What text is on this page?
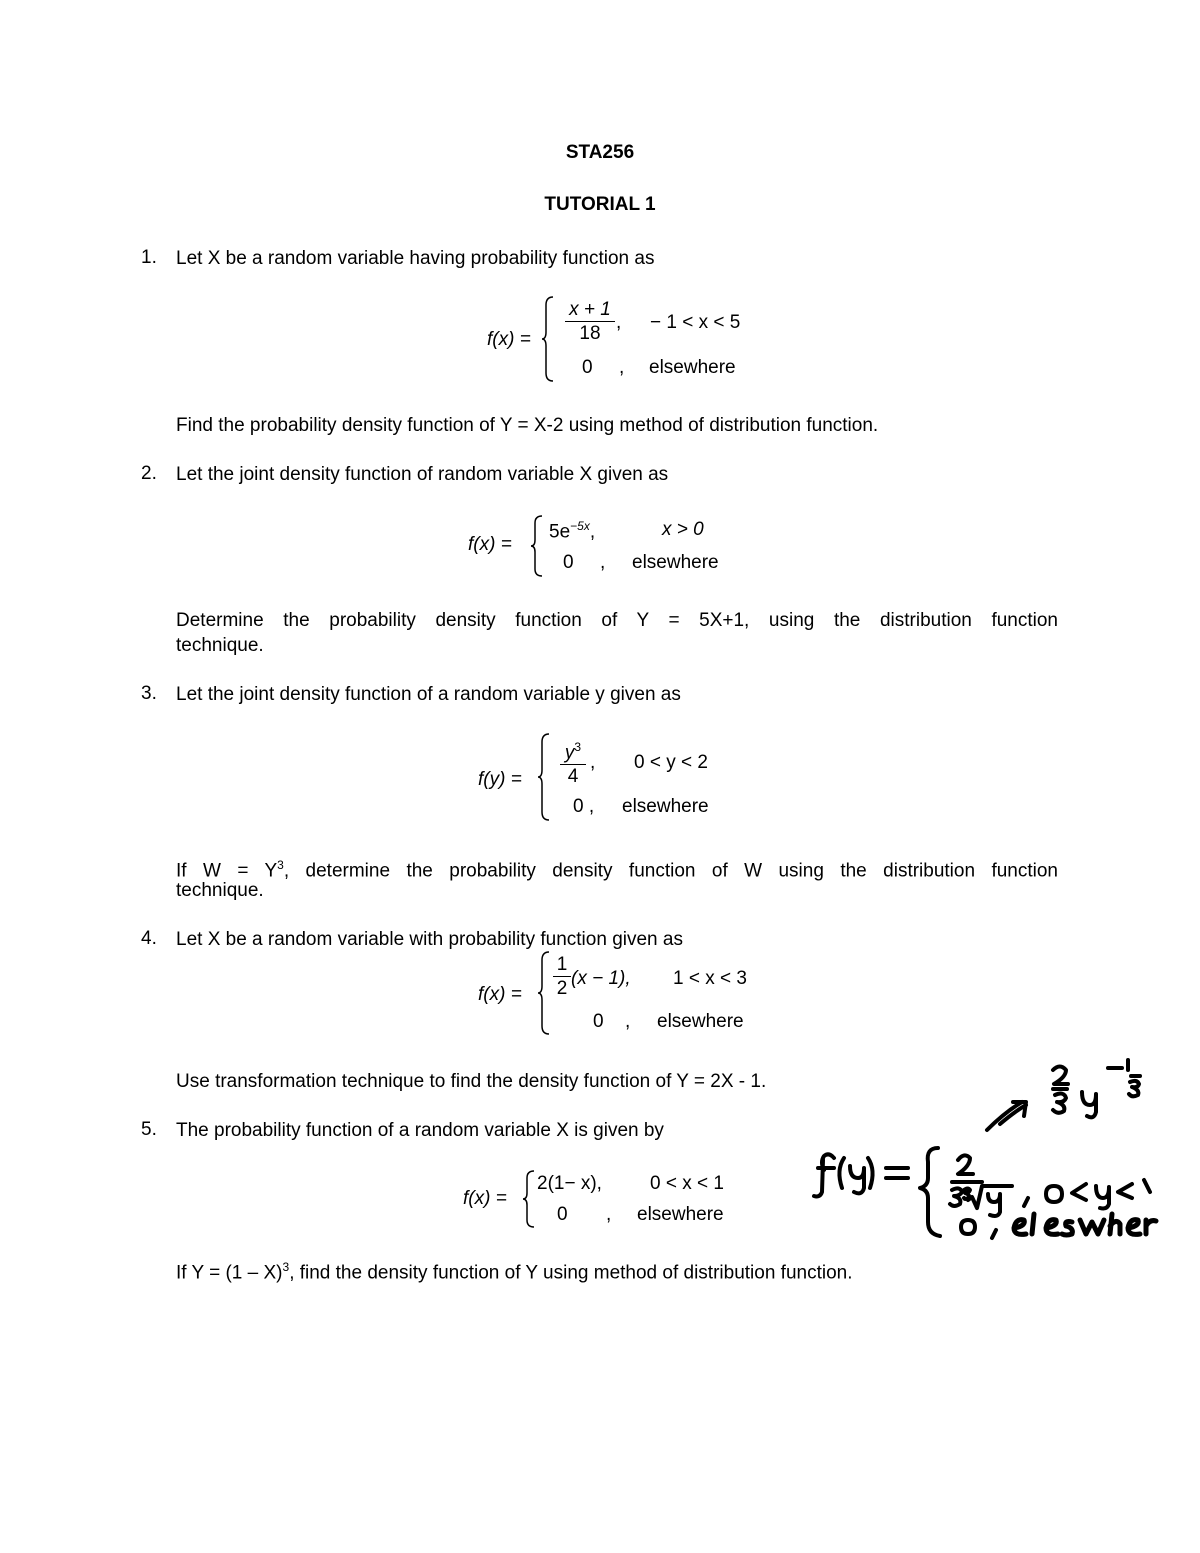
STA256
TUTORIAL 1
1. Let X be a random variable having probability function as
$f(x) = \frac{x + 1}{18}$ , − 1 < x < 5
0 , elsewhere
Find the probability density function of Y = X-2 using method of distribution function.
2. Let the joint density function of random variable X given as
f(x) =
$5e^{-5x}$,	x > 0
0 , elsewhere
Determine the probability density function of Y = 5X+1, using the distribution function
technique.
3. Let the joint density function of a random variable y given as
$f(y) = \frac{y^3}{4}$ , 0 < y < 2
0 , elsewhere
If $W = Y^3$, determine the probability density function of W using the distribution function
technique.
4. Let X be a random variable with probability function given as
$f(x) = \frac{1}{2} (x - 1)$, 1 < x < 3
0 , elsewhere
Use transformation technique to find the density function of Y = 2X - 1.
5. The probability function of a random variable X is given by
f(x) =
2(1− x),	0 < x < 1
0 , elsewhere
If Y = (1 – X)$^3$, find the density function of Y using method of distribution function.
